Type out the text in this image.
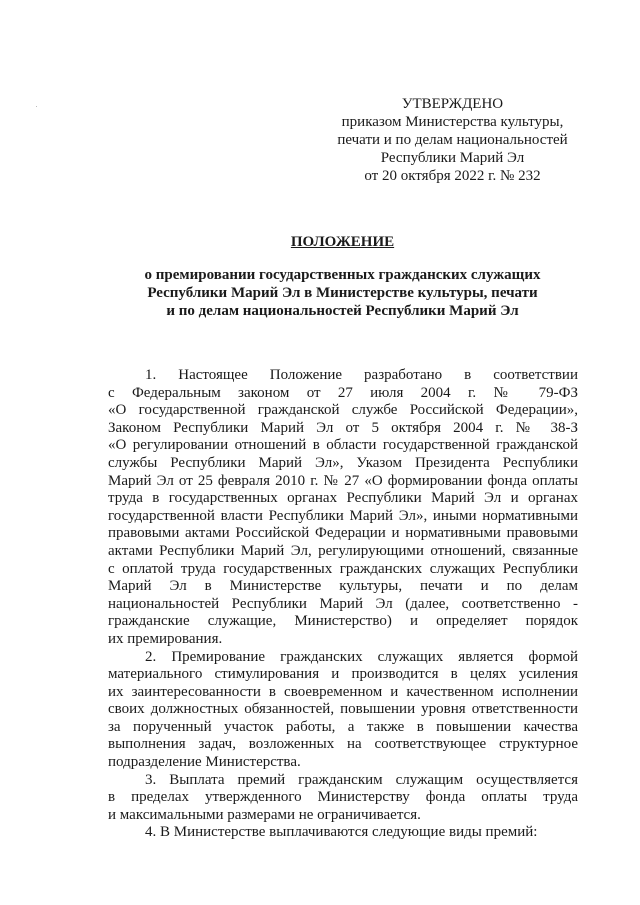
УТВЕРЖДЕНО
приказом Министерства культуры,
печати и по делам национальностей
Республики Марий Эл
от 20 октября 2022 г. № 232
ПОЛОЖЕНИЕ
о премировании государственных гражданских служащих
Республики Марий Эл в Министерстве культуры, печати
и по делам национальностей Республики Марий Эл
1. Настоящее Положение разработано в соответствии
с Федеральным законом от 27 июля 2004 г. № 79-ФЗ
«О государственной гражданской службе Российской Федерации»,
Законом Республики Марий Эл от 5 октября 2004 г. № 38-З
«О регулировании отношений в области государственной гражданской
службы Республики Марий Эл», Указом Президента Республики
Марий Эл от 25 февраля 2010 г. № 27 «О формировании фонда оплаты
труда в государственных органах Республики Марий Эл и органах
государственной власти Республики Марий Эл», иными нормативными
правовыми актами Российской Федерации и нормативными правовыми
актами Республики Марий Эл, регулирующими отношений, связанные
с оплатой труда государственных гражданских служащих Республики
Марий Эл в Министерстве культуры, печати и по делам
национальностей Республики Марий Эл (далее, соответственно -
гражданские служащие, Министерство) и определяет порядок
их премирования.
2. Премирование гражданских служащих является формой
материального стимулирования и производится в целях усиления
их заинтересованности в своевременном и качественном исполнении
своих должностных обязанностей, повышении уровня ответственности
за порученный участок работы, а также в повышении качества
выполнения задач, возложенных на соответствующее структурное
подразделение Министерства.
3. Выплата премий гражданским служащим осуществляется
в пределах утвержденного Министерству фонда оплаты труда
и максимальными размерами не ограничивается.
4. В Министерстве выплачиваются следующие виды премий:
